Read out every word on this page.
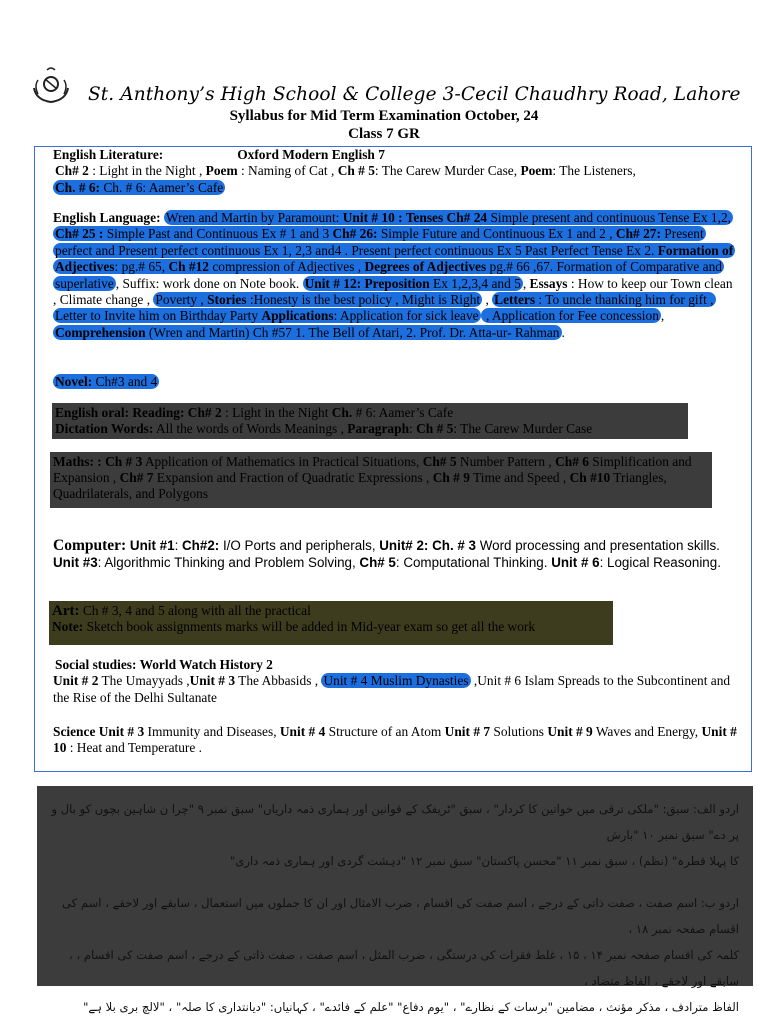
St. Anthony’s High School & College 3-Cecil Chaudhry Road, Lahore
Syllabus for Mid Term Examination October, 24
Class 7 GR
English Literature:	Oxford Modern English 7
Ch# 2 : Light in the Night , Poem : Naming of Cat , Ch # 5: The Carew Murder Case, Poem: The Listeners,
Ch. # 6: Ch. # 6: Aamer’s Cafe
English Language: Wren and Martin by Paramount: Unit # 10 : Tenses Ch# 24 Simple present and continuous Tense Ex 1,2, Ch# 25 : Simple Past and Continuous Ex # 1 and 3 Ch# 26: Simple Future and Continuous Ex 1 and 2 , Ch# 27: Present perfect and Present perfect continuous Ex 1, 2,3 and4 . Present perfect continuous Ex 5 Past Perfect Tense Ex 2. Formation of Adjectives: pg.# 65, Ch #12 compression of Adjectives , Degrees of Adjectives pg.# 66 ,67. Formation of Comparative and superlative , Suffix: work done on Note book. Unit # 12: Preposition Ex 1,2,3,4 and 5 , Essays : How to keep our Town clean , Climate change , Poverty , Stories :Honesty is the best policy , Might is Right , Letters : To uncle thanking him for gift , Letter to Invite him on Birthday Party Applications: Application for sick leave , Application for Fee concession , Comprehension (Wren and Martin) Ch #57 1. The Bell of Atari, 2. Prof. Dr. Atta-ur- Rahman .
Novel: Ch#3 and 4
English oral: Reading: Ch# 2 : Light in the Night Ch. # 6: Aamer’s Cafe
Dictation Words: All the words of Words Meanings , Paragraph: Ch # 5: The Carew Murder Case
Maths: : Ch # 3 Application of Mathematics in Practical Situations, Ch# 5 Number Pattern , Ch# 6 Simplification and Expansion , Ch# 7 Expansion and Fraction of Quadratic Expressions , Ch # 9 Time and Speed , Ch #10 Triangles, Quadrilaterals, and Polygons
Computer: Unit #1: Ch#2: I/O Ports and peripherals, Unit# 2: Ch. # 3 Word processing and presentation skills. Unit #3: Algorithmic Thinking and Problem Solving, Ch# 5: Computational Thinking. Unit # 6: Logical Reasoning.
Art: Ch # 3, 4 and 5 along with all the practical
Note: Sketch book assignments marks will be added in Mid-year exam so get all the work
Social studies: World Watch History 2
Unit # 2 The Umayyads ,Unit # 3 The Abbasids , Unit # 4 Muslim Dynasties ,Unit # 6 Islam Spreads to the Subcontinent and the Rise of the Delhi Sultanate
Science Unit # 3 Immunity and Diseases, Unit # 4 Structure of an Atom Unit # 7 Solutions Unit # 9 Waves and Energy, Unit # 10 : Heat and Temperature .

اردو الف: سبق: "ملکی ترقی میں خواتین کا کردار" ، سبق "ٹریفک کے قوانین اور ہماری ذمہ داریاں" سبق نمبر ۹ "چرا ن شاہین بچوں کو بال و پر دے" سبق نمبر ۱۰ "بارش

کا پہلا قطرہ" (نظم) ، سبق نمبر ۱۱ "محسن پاکستان" سبق نمبر ۱۲ "دہشت گردی اور ہماری ذمہ داری"

اردو ب: اسم صفت ، صفت ذاتی کے درجے ، اسم صفت کی اقسام ، ضرب الامثال اور ان کا جملوں میں استعمال ، سابقے اور لاحقے ، اسم کی اقسام صفحہ نمبر ۱۸ ،

کلمہ کی اقسام صفحہ نمبر ۱۴ ، ۱۵ ، غلط فقرات کی درستگی ، ضرب المثل ، اسم صفت ، صفت ذاتی کے درجے ، اسم صفت کی اقسام ، ، سابقے اور لاحقے ، الفاظ متضاد ،

الفاظ مترادف ، مذکر مؤنث ، مضامین "برسات کے نظارے" ، "یوم دفاع" "علم کے فائدے" ، کہانیاں: "دیانتداری کا صلہ" ، "لالچ بری بلا ہے"
